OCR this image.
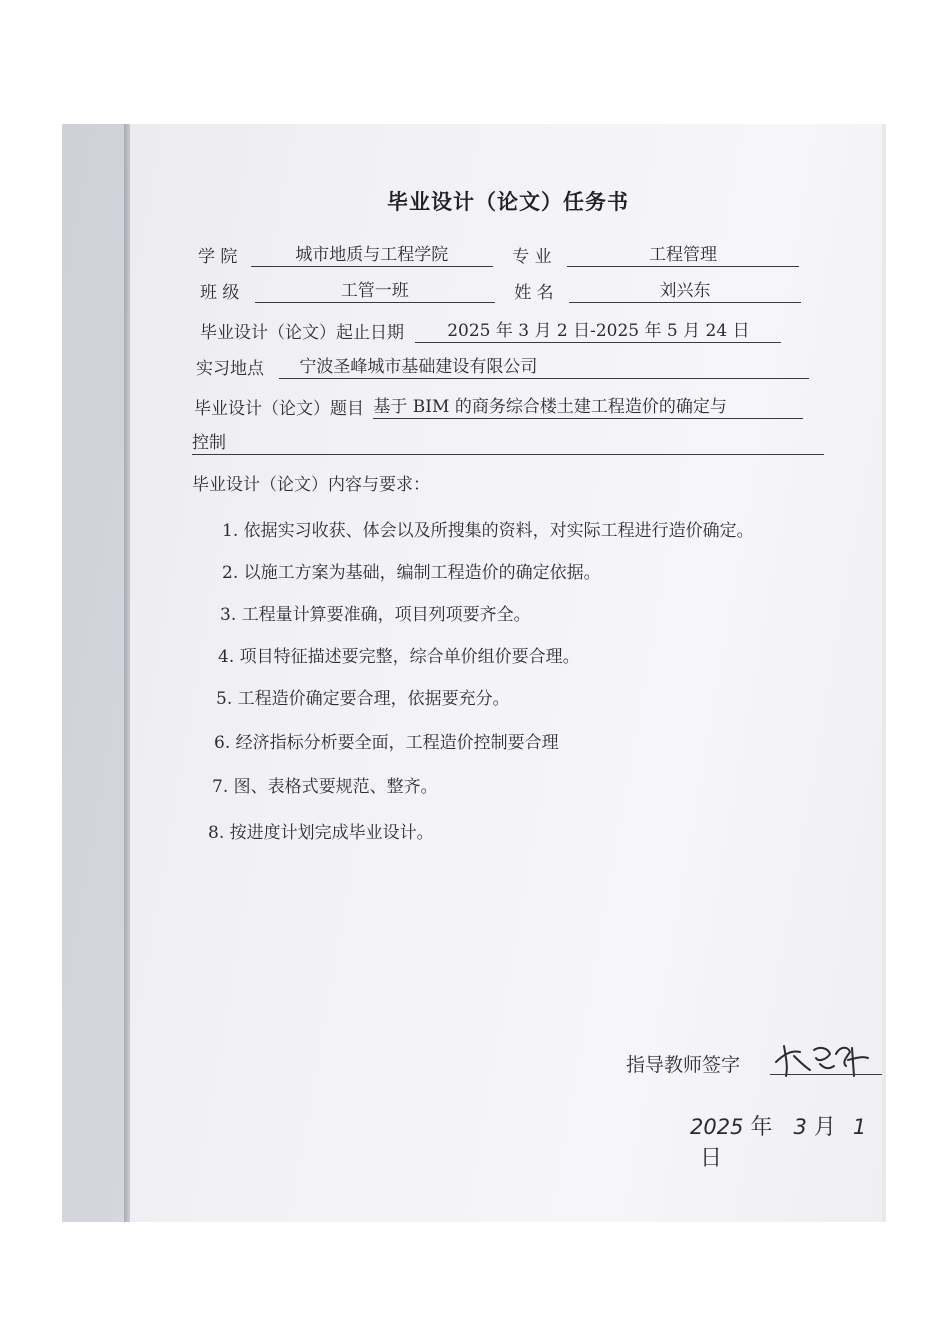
毕业设计（论文）任务书
学 院	城市地质与工程学院	专 业	工程管理
班 级	工管一班	姓 名	刘兴东
毕业设计（论文）起止日期	2025 年 3 月 2 日-2025 年 5 月 24 日
实习地点 宁波圣峰城市基础建设有限公司
毕业设计（论文）题目 基于 BIM 的商务综合楼土建工程造价的确定与
控制
毕业设计（论文）内容与要求：
1. 依据实习收获、体会以及所搜集的资料，对实际工程进行造价确定。
2. 以施工方案为基础，编制工程造价的确定依据。
3. 工程量计算要准确，项目列项要齐全。
4. 项目特征描述要完整，综合单价组价要合理。
5. 工程造价确定要合理，依据要充分。
6. 经济指标分析要全面，工程造价控制要合理
7. 图、表格式要规范、整齐。
8. 按进度计划完成毕业设计。
指导教师签字
2025 年 3 月 1 日
